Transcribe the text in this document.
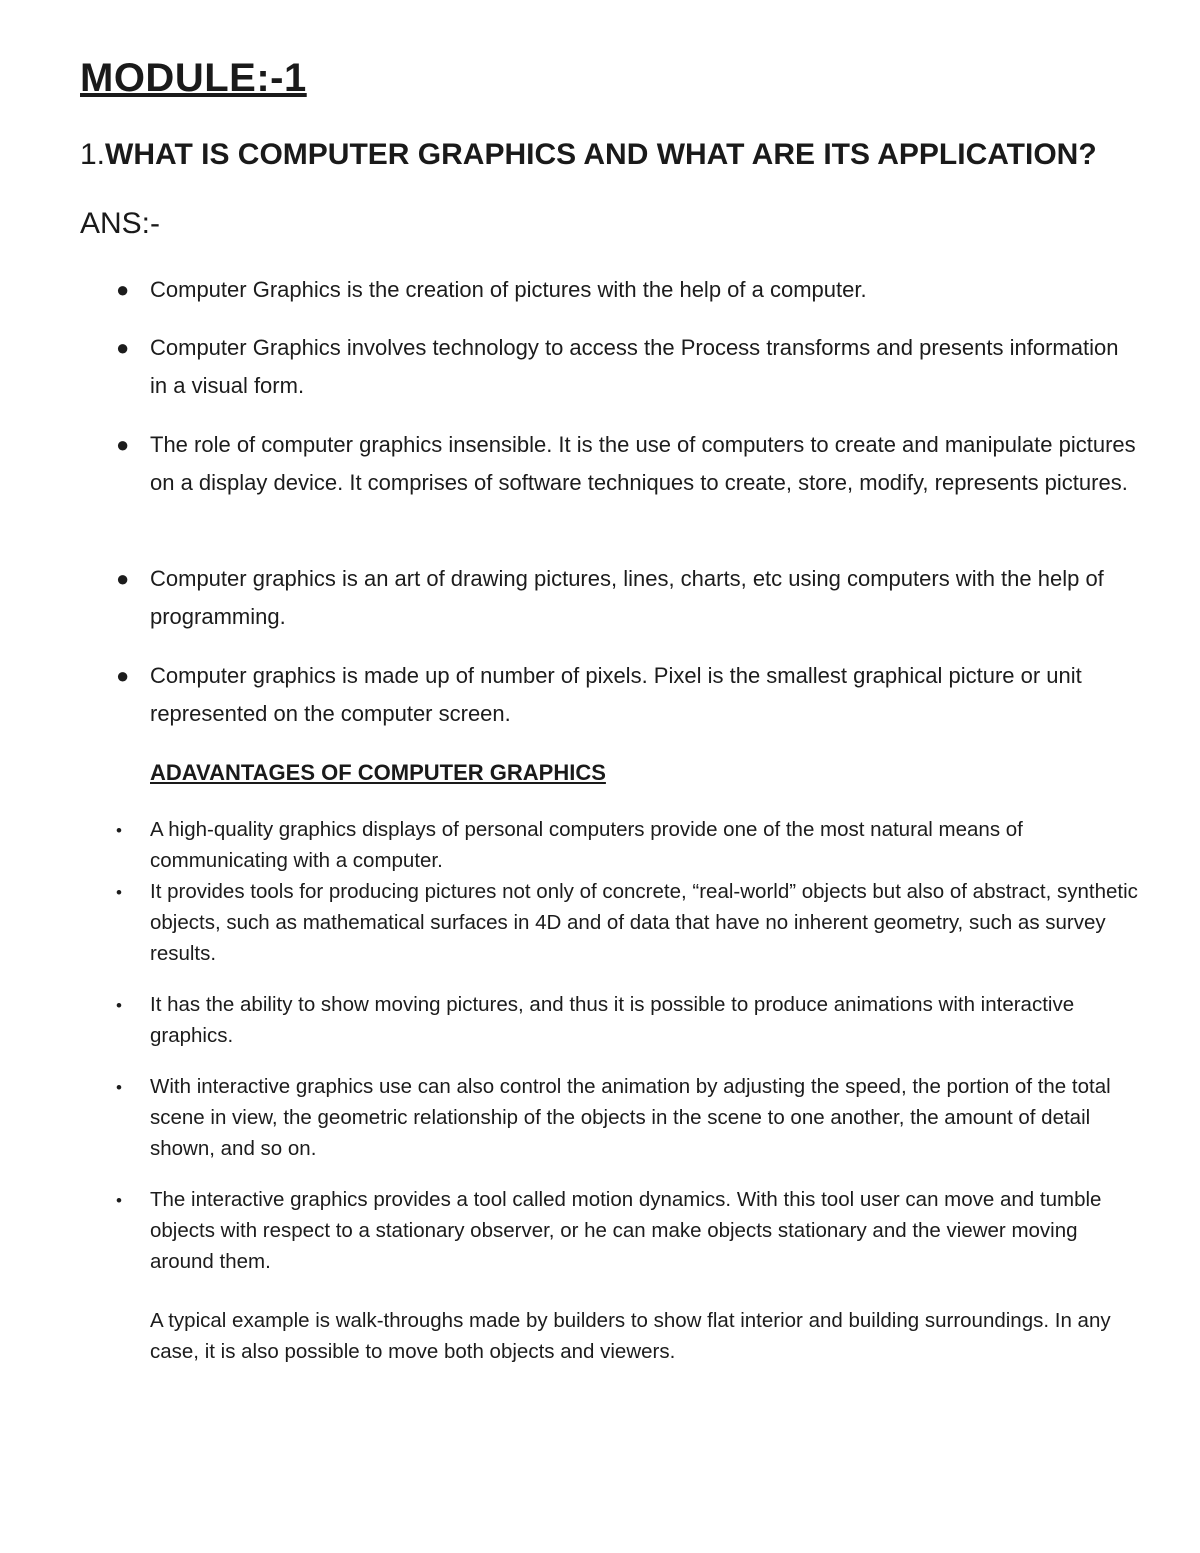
MODULE:-1

1.WHAT IS COMPUTER GRAPHICS AND WHAT ARE ITS APPLICATION?

ANS:-

● Computer Graphics is the creation of pictures with the help of a computer.
● Computer Graphics involves technology to access the Process transforms and presents information in a visual form.
● The role of computer graphics insensible. It is the use of computers to create and manipulate pictures on a display device. It comprises of software techniques to create, store, modify, represents pictures.
● Computer graphics is an art of drawing pictures, lines, charts, etc using computers with the help of programming.
● Computer graphics is made up of number of pixels. Pixel is the smallest graphical picture or unit represented on the computer screen.
ADAVANTAGES OF COMPUTER GRAPHICS
• A high-quality graphics displays of personal computers provide one of the most natural means of communicating with a computer.
• It provides tools for producing pictures not only of concrete, “real-world” objects but also of abstract, synthetic objects, such as mathematical surfaces in 4D and of data that have no inherent geometry, such as survey results.
• It has the ability to show moving pictures, and thus it is possible to produce animations with interactive graphics.
• With interactive graphics use can also control the animation by adjusting the speed, the portion of the total scene in view, the geometric relationship of the objects in the scene to one another, the amount of detail shown, and so on.
• The interactive graphics provides a tool called motion dynamics. With this tool user can move and tumble objects with respect to a stationary observer, or he can make objects stationary and the viewer moving around them.

A typical example is walk-throughs made by builders to show flat interior and building surroundings. In any case, it is also possible to move both objects and viewers.
